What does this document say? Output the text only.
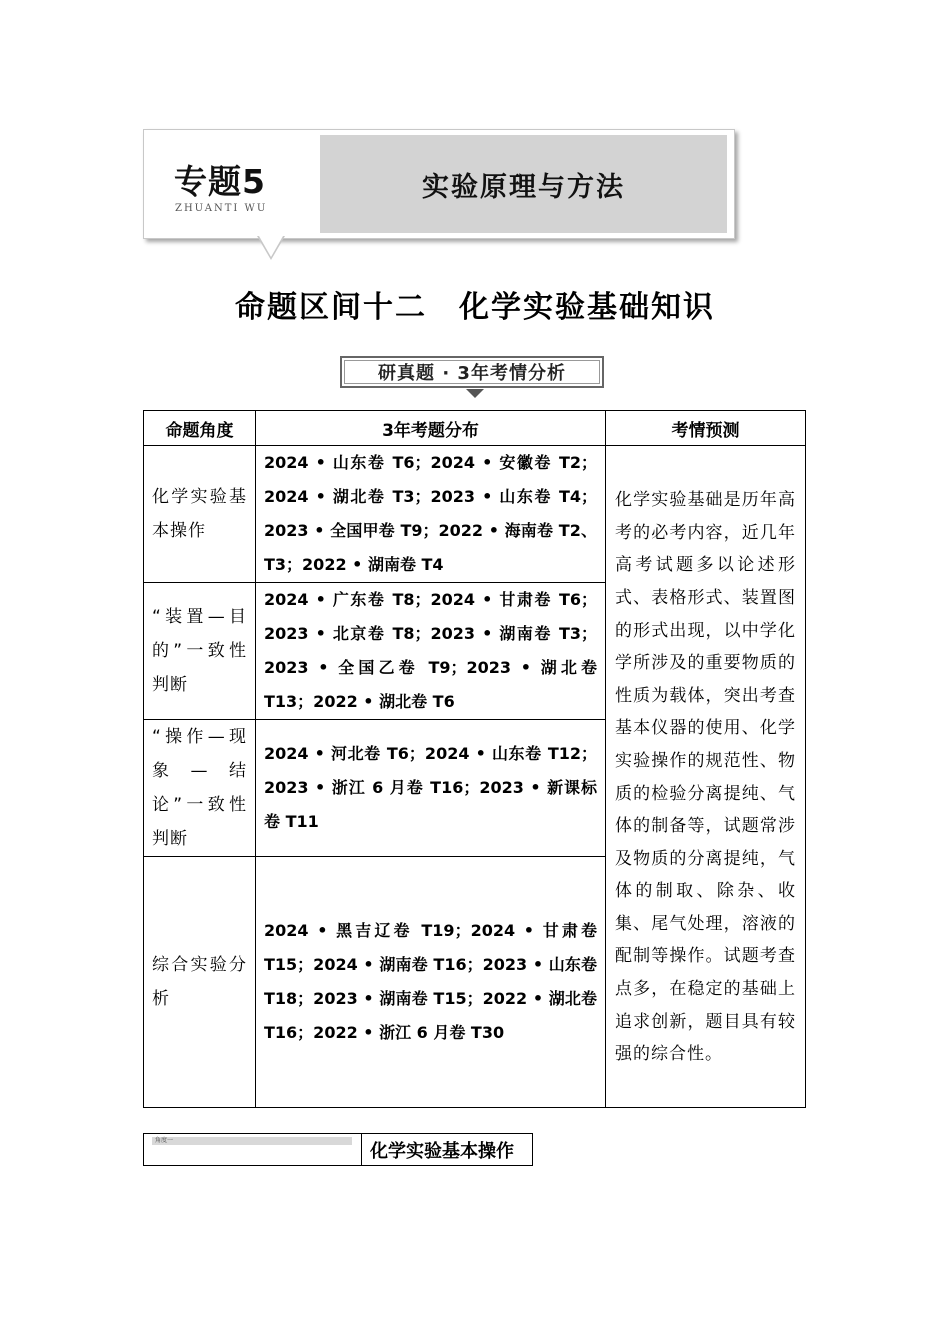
专题5
ZHUANTI WU
实验原理与方法
命题区间十二　化学实验基础知识
研真题 · 3年考情分析
命题角度	3年考题分布	考情预测
化学实验基本操作	2024 • 山东卷 T6；2024 • 安徽卷 T2；2024 • 湖北卷 T3；2023 • 山东卷 T4；2023 • 全国甲卷 T9；2022 • 海南卷 T2、T3；2022 • 湖南卷 T4	化学实验基础是历年高考的必考内容，近几年高考试题多以论述形式、表格形式、装置图的形式出现，以中学化学所涉及的重要物质的性质为载体，突出考查基本仪器的使用、化学实验操作的规范性、物质的检验分离提纯、气体的制备等，试题常涉及物质的分离提纯，气体的制取、除杂、收集、尾气处理，溶液的配制等操作。试题考查点多，在稳定的基础上追求创新，题目具有较强的综合性。
“装置—目的”一致性判断	2024 • 广东卷 T8；2024 • 甘肃卷 T6；2023 • 北京卷 T8；2023 • 湖南卷 T3；2023 • 全国乙卷 T9；2023 • 湖北卷 T13；2022 • 湖北卷 T6	
“操作—现象—结论”一致性判断	2024 • 河北卷 T6；2024 • 山东卷 T12；2023 • 浙江 6 月卷 T16；2023 • 新课标卷 T11	
综合实验分析	2024 • 黑吉辽卷 T19；2024 • 甘肃卷 T15；2024 • 湖南卷 T16；2023 • 山东卷 T18；2023 • 湖南卷 T15；2022 • 湖北卷 T16；2022 • 浙江 6 月卷 T30	
角度一	化学实验基本操作
